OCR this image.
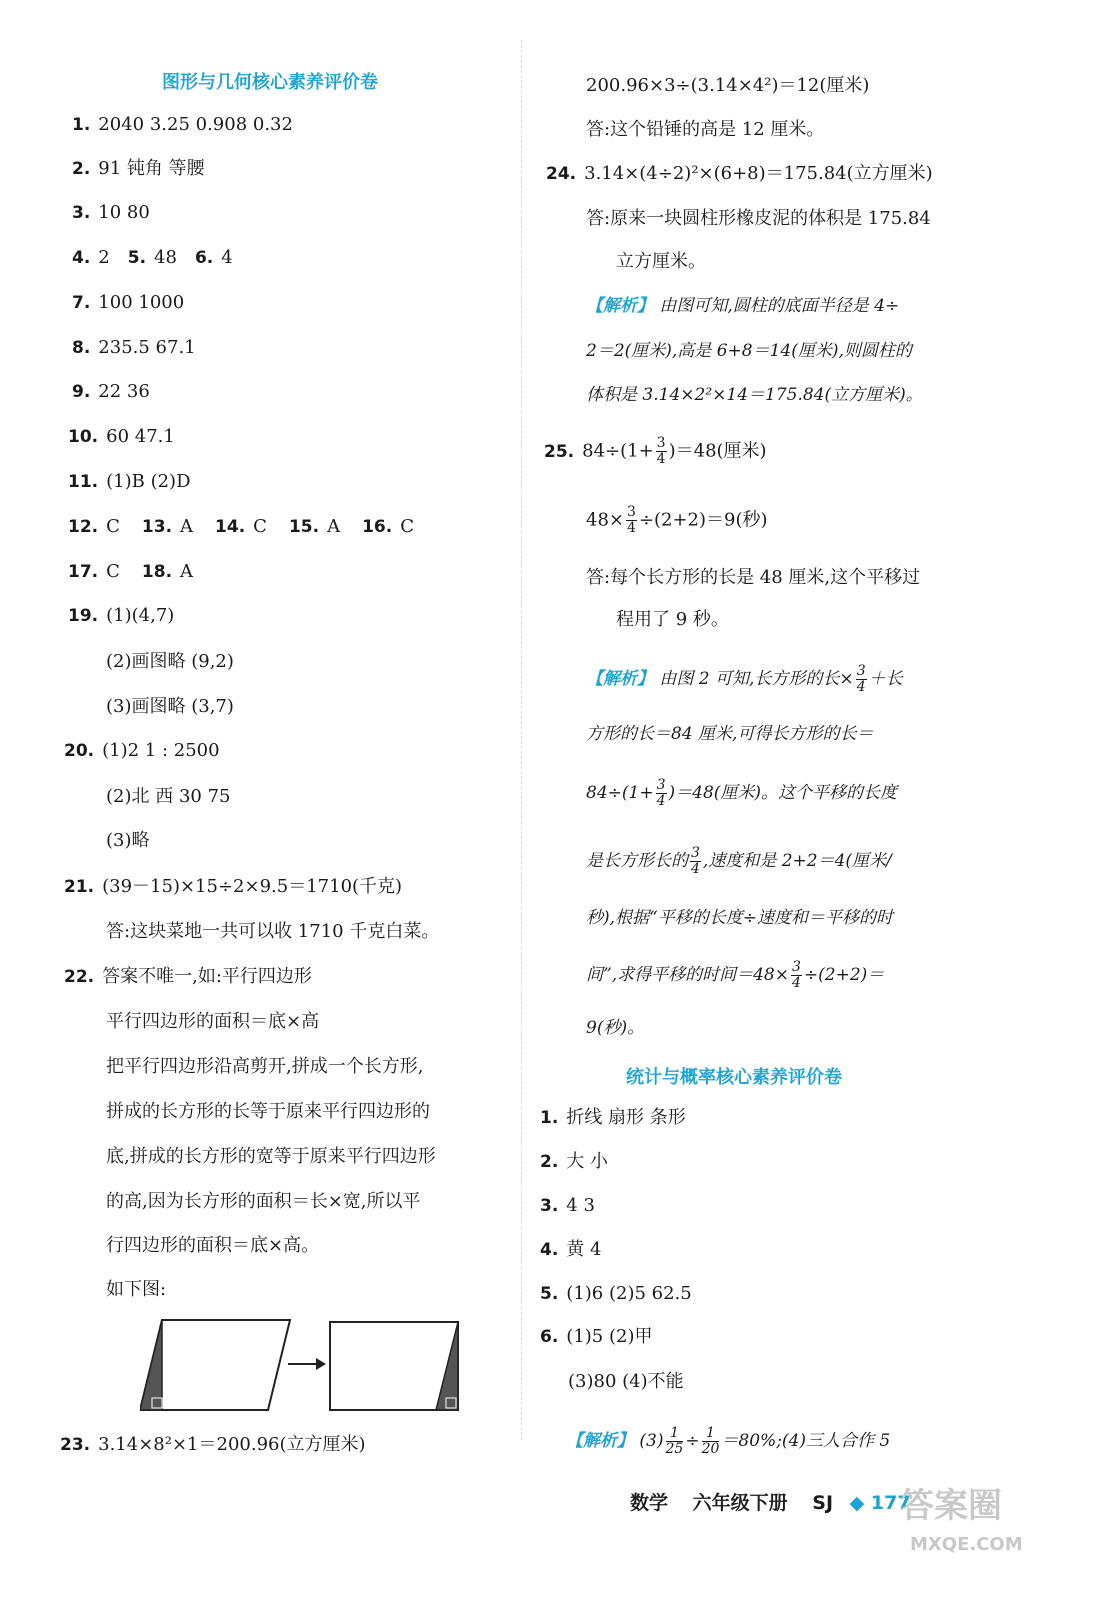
图形与几何核心素养评价卷
1. 2040 3.25 0.908 0.32
2. 91 钝角 等腰
3. 10 80
4. 2 5. 48 6. 4
7. 100 1000
8. 235.5 67.1
9. 22 36
10. 60 47.1
11. (1)B (2)D
12. C 13. A 14. C 15. A 16. C
17. C 18. A
19. (1)(4,7)
(2)画图略 (9,2)
(3)画图略 (3,7)
20. (1)2 1 : 2500
(2)北 西 30 75
(3)略
21. (39－15)×15÷2×9.5＝1710(千克)
答:这块菜地一共可以收 1710 千克白菜。
22. 答案不唯一,如:平行四边形
平行四边形的面积＝底×高
把平行四边形沿高剪开,拼成一个长方形,
拼成的长方形的长等于原来平行四边形的
底,拼成的长方形的宽等于原来平行四边形
的高,因为长方形的面积＝长×宽,所以平
行四边形的面积＝底×高。
如下图:
23. 3.14×8²×1＝200.96(立方厘米)
200.96×3÷(3.14×4²)＝12(厘米)
答:这个铅锤的高是 12 厘米。
24. 3.14×(4÷2)²×(6+8)＝175.84(立方厘米)
答:原来一块圆柱形橡皮泥的体积是 175.84
立方厘米。
【解析】 由图可知,圆柱的底面半径是 4÷
2＝2(厘米),高是 6+8＝14(厘米),则圆柱的
体积是 3.14×2²×14＝175.84(立方厘米)。
25. $84\div(1+ \frac{3}{4} )=48$(厘米)
$48\times \frac{3}{4} \div(2+2)=9$(秒)
答:每个长方形的长是 48 厘米,这个平移过
程用了 9 秒。
【解析】 由图 2 可知,长方形的长× $\frac{3}{4}$ ＋长
方形的长＝84 厘米,可得长方形的长＝
$84\div(1+ \frac{3}{4} )=48$(厘米)。这个平移的长度
是长方形长的 $\frac{3}{4}$ ,速度和是 2+2＝4(厘米/
秒),根据“平移的长度÷速度和＝平移的时
间”,求得平移的时间$=48\times \frac{3}{4} \div(2+2)=$
9(秒)。
统计与概率核心素养评价卷
1. 折线 扇形 条形
2. 大 小
3. 4 3
4. 黄 4
5. (1)6 (2)5 62.5
6. (1)5 (2)甲
(3)80 (4)不能
【解析】 $(3) \frac{1}{25} \div \frac{1}{20}$ ＝80%;(4)三人合作 5
数学 六年级下册 SJ ◆ 177
答案圈
MXQE.COM
